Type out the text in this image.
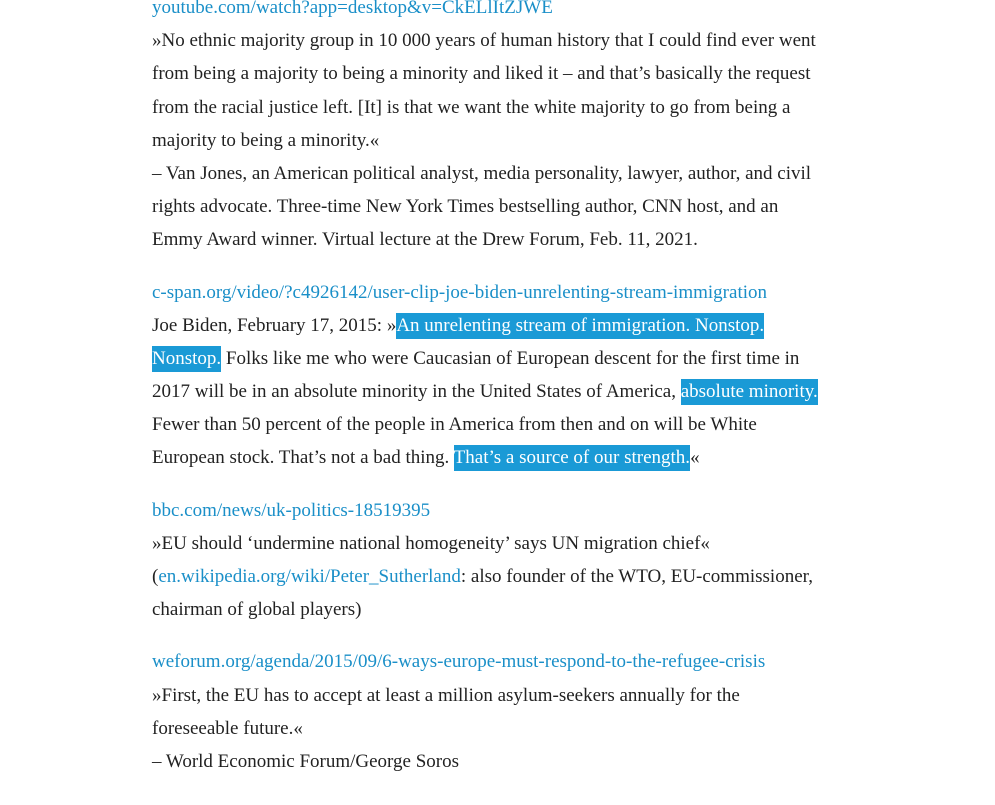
youtube.com/watch?app=desktop&v=CkELlItZJWE
»No ethnic majority group in 10 000 years of human history that I could find ever went
from being a majority to being a minority and liked it – and that’s basically the request
from the racial justice left. [It] is that we want the white majority to go from being a
majority to being a minority.«
– Van Jones, an American political analyst, media personality, lawyer, author, and civil
rights advocate. Three-time New York Times bestselling author, CNN host, and an
Emmy Award winner. Virtual lecture at the Drew Forum, Feb. 11, 2021.
c-span.org/video/?c4926142/user-clip-joe-biden-unrelenting-stream-immigration
Joe Biden, February 17, 2015: »An unrelenting stream of immigration. Nonstop.
Nonstop. Folks like me who were Caucasian of European descent for the first time in
2017 will be in an absolute minority in the United States of America, absolute minority.
Fewer than 50 percent of the people in America from then and on will be White
European stock. That’s not a bad thing. That’s a source of our strength.«
bbc.com/news/uk-politics-18519395
»EU should ‘undermine national homogeneity’ says UN migration chief«
(en.wikipedia.org/wiki/Peter_Sutherland: also founder of the WTO, EU-commissioner,
chairman of global players)
weforum.org/agenda/2015/09/6-ways-europe-must-respond-to-the-refugee-crisis
»First, the EU has to accept at least a million asylum-seekers annually for the
foreseeable future.«
– World Economic Forum/George Soros
